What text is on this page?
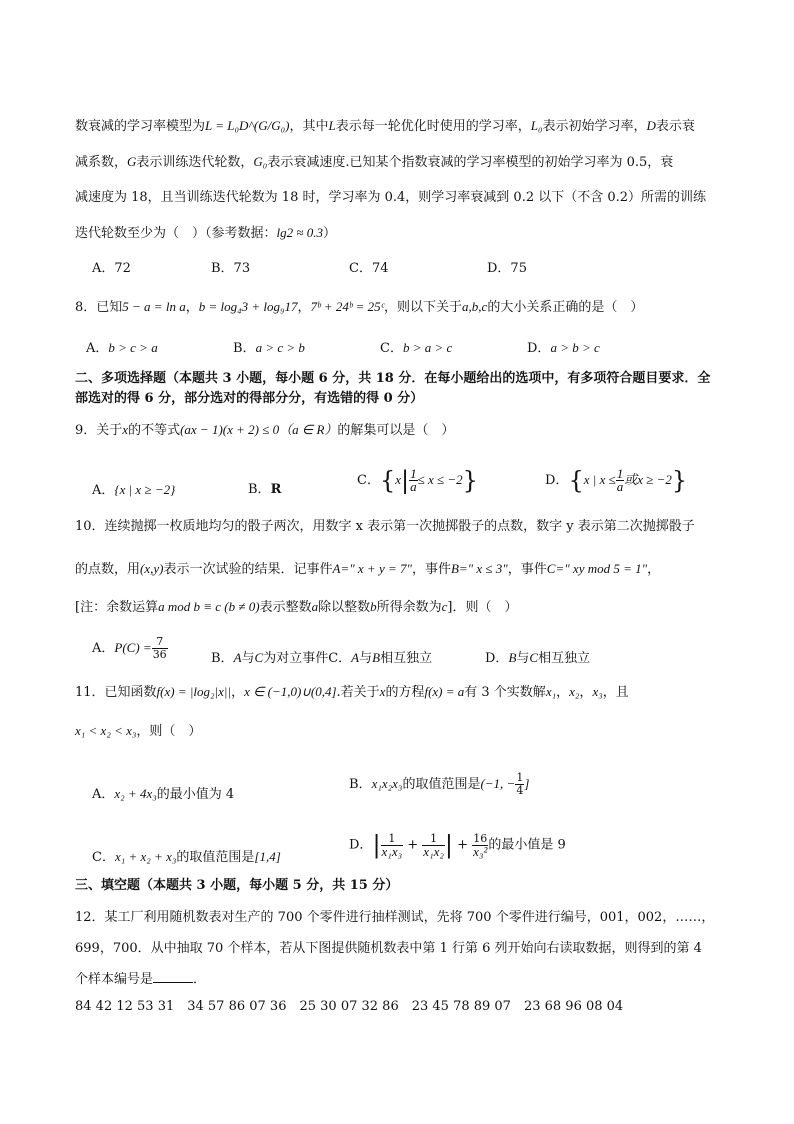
数衰减的学习率模型为L = L₀D^(G/G₀)，其中L表示每一轮优化时使用的学习率，L₀表示初始学习率，D表示衰
减系数，G表示训练迭代轮数，G₀表示衰减速度.已知某个指数衰减的学习率模型的初始学习率为 0.5，衰
减速度为 18，且当训练迭代轮数为 18 时，学习率为 0.4，则学习率衰减到 0.2 以下（不含 0.2）所需的训练
迭代轮数至少为（　）（参考数据：lg2 ≈ 0.3）
A．72	B．73	C．74	D．75
8．已知5 − a = ln a，b = log₄3 + log₉17，7ᵇ + 24ᵇ = 25ᶜ，则以下关于a,b,c的大小关系正确的是（　）
A．b > c > a	B．a > c > b	C．b > a > c	D．a > b > c
二、多项选择题（本题共 3 小题，每小题 6 分，共 18 分．在每小题给出的选项中，有多项符合题目要求．全
部选对的得 6 分，部分选对的得部分分，有选错的得 0 分）
9．关于x的不等式(ax − 1)(x + 2) ≤ 0（a ∈ R）的解集可以是（　）
A．{x | x ≥ −2}	B．R
C．$\{x| \frac{1}{a} \le x \le -2\}$	D．{x | $x \le \frac{1}{a}$ 或x ≥ −2}
10．连续抛掷一枚质地均匀的骰子两次，用数字 x 表示第一次抛掷骰子的点数，数字 y 表示第二次抛掷骰子
的点数，用(x,y)表示一次试验的结果．记事件A=" x + y = 7"，事件B=" x ≤ 3"，事件C=" xy mod 5 = 1"，
[注：余数运算a mod b ≡ c (b ≠ 0)表示整数a除以整数b所得余数为c]．则（　）
A．$P(C) = \frac{7}{36}$	B．A与C为对立事件C．A与B相互独立	D．B与C相互独立
11．已知函数f(x) = |log₂|x||，x ∈ (−1,0)∪(0,4].若关于x的方程f(x) = a有 3 个实数解x₁，x₂，x₃，且
x₁ < x₂ < x₃，则（　）
A．x₂ + 4x₃的最小值为 4
B．x₁x₂x₃的取值范围是(−1, − $\frac{1}{4}$ ]
C．x₁ + x₂ + x₃的取值范围是[1,4]
D．| $\frac{1}{\text{x₁x₃}} + \frac{1}{\text{x₁x₂}}$ | + $\frac{16}{\text{x₃²}}$ 的最小值是 9
三、填空题（本题共 3 小题，每小题 5 分，共 15 分）
12．某工厂利用随机数表对生产的 700 个零件进行抽样测试，先将 700 个零件进行编号，001，002，……，
699，700．从中抽取 70 个样本，若从下图提供随机数表中第 1 行第 6 列开始向右读取数据，则得到的第 4
个样本编号是	．
84 42 12 53 31　34 57 86 07 36　25 30 07 32 86　23 45 78 89 07　23 68 96 08 04
